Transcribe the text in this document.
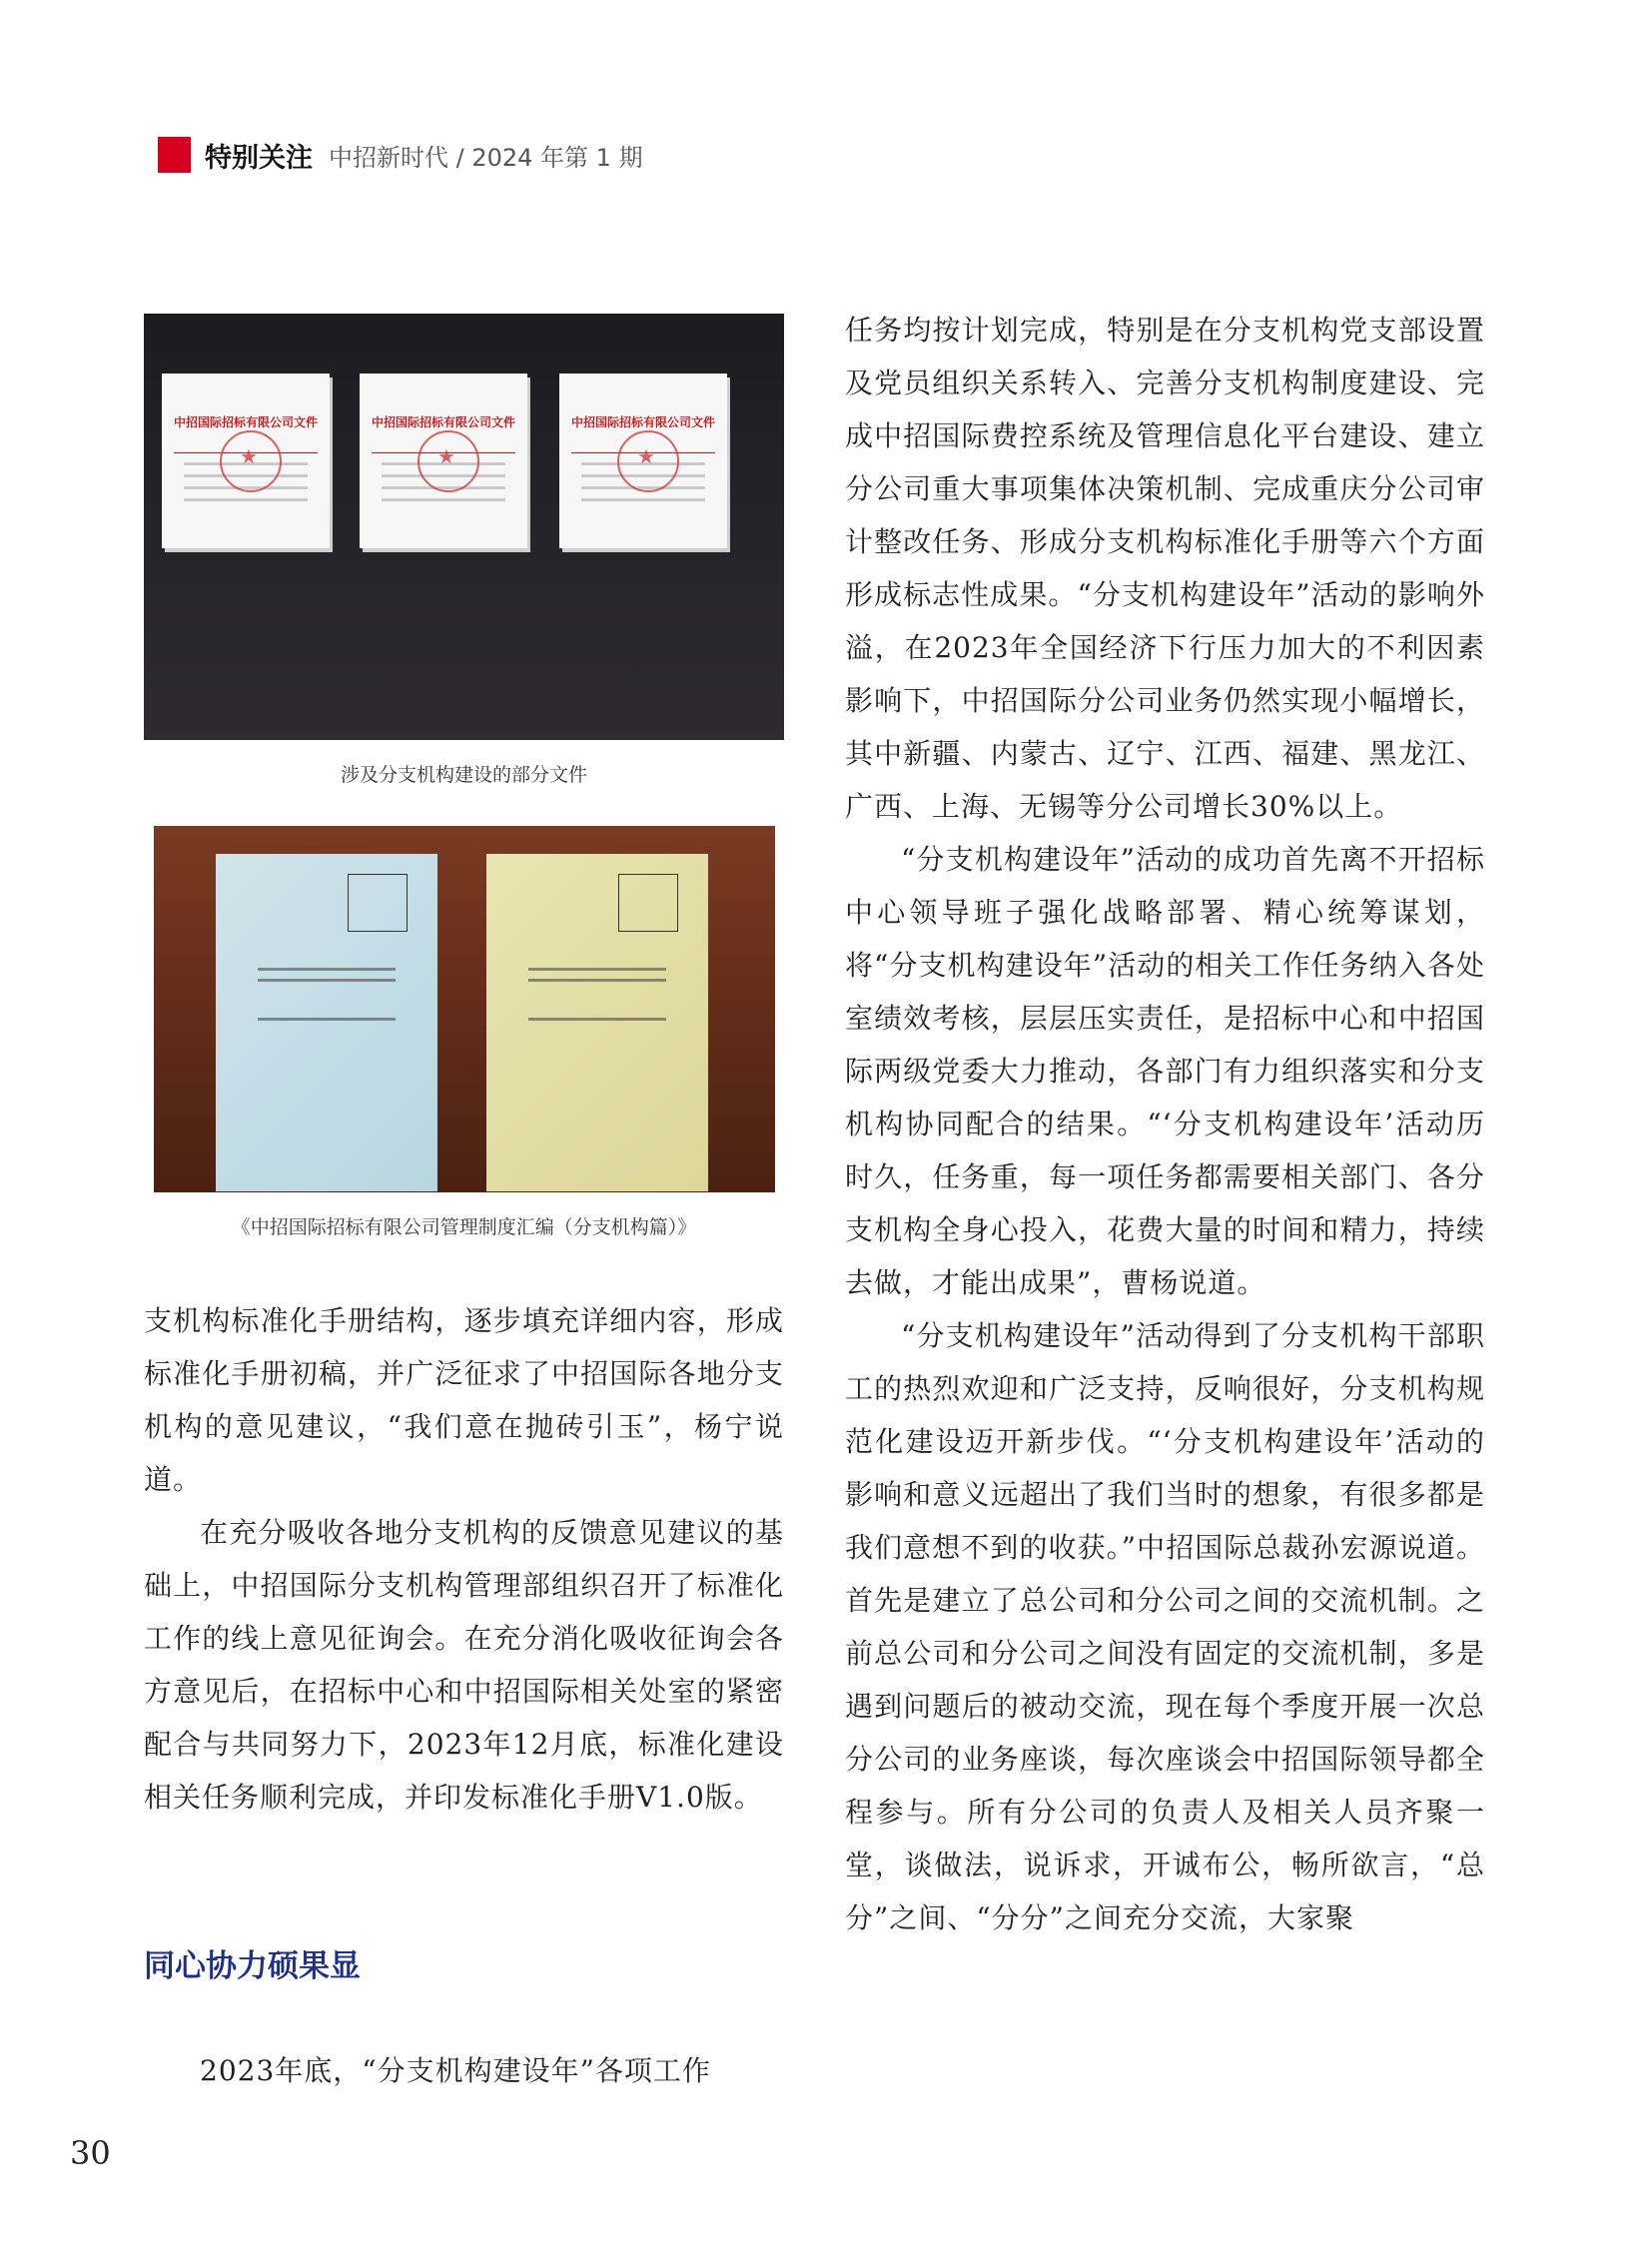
特别关注 中招新时代 / 2024 年第 1 期
中招国际招标有限公司文件
★	中招国际招标有限公司文件
★	中招国际招标有限公司文件
★
涉及分支机构建设的部分文件
《中招国际招标有限公司管理制度汇编（分支机构篇）》

支机构标准化手册结构，逐步填充详细内容，形成标准化手册初稿，并广泛征求了中招国际各地分支机构的意见建议，“我们意在抛砖引玉”，杨宁说道。

在充分吸收各地分支机构的反馈意见建议的基础上，中招国际分支机构管理部组织召开了标准化工作的线上意见征询会。在充分消化吸收征询会各方意见后，在招标中心和中招国际相关处室的紧密配合与共同努力下，2023年12月底，标准化建设相关任务顺利完成，并印发标准化手册V1.0版。

同心协力硕果显

2023年底，“分支机构建设年”各项工作

任务均按计划完成，特别是在分支机构党支部设置及党员组织关系转入、完善分支机构制度建设、完成中招国际费控系统及管理信息化平台建设、建立分公司重大事项集体决策机制、完成重庆分公司审计整改任务、形成分支机构标准化手册等六个方面形成标志性成果。“分支机构建设年”活动的影响外溢，在2023年全国经济下行压力加大的不利因素影响下，中招国际分公司业务仍然实现小幅增长，其中新疆、内蒙古、辽宁、江西、福建、黑龙江、广西、上海、无锡等分公司增长30%以上。

“分支机构建设年”活动的成功首先离不开招标中心领导班子强化战略部署、精心统筹谋划，将“分支机构建设年”活动的相关工作任务纳入各处室绩效考核，层层压实责任，是招标中心和中招国际两级党委大力推动，各部门有力组织落实和分支机构协同配合的结果。“‘分支机构建设年’活动历时久，任务重，每一项任务都需要相关部门、各分支机构全身心投入，花费大量的时间和精力，持续去做，才能出成果”，曹杨说道。

“分支机构建设年”活动得到了分支机构干部职工的热烈欢迎和广泛支持，反响很好，分支机构规范化建设迈开新步伐。“‘分支机构建设年’活动的影响和意义远超出了我们当时的想象，有很多都是我们意想不到的收获。”中招国际总裁孙宏源说道。首先是建立了总公司和分公司之间的交流机制。之前总公司和分公司之间没有固定的交流机制，多是遇到问题后的被动交流，现在每个季度开展一次总分公司的业务座谈，每次座谈会中招国际领导都全程参与。所有分公司的负责人及相关人员齐聚一堂，谈做法，说诉求，开诚布公，畅所欲言，“总分”之间、“分分”之间充分交流，大家聚

30
